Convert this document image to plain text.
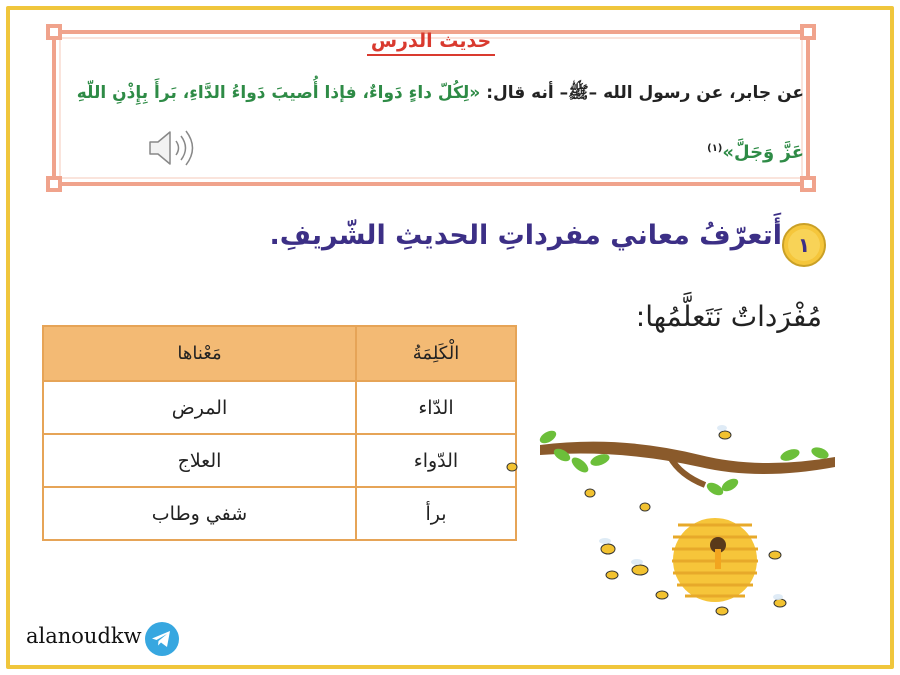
حديث الدرس
عن جابر، عن رسول الله –ﷺ– أنه قال: «لِكُلّ داءٍ دَواءٌ، فإذا أُصيبَ دَواءُ الدَّاءِ، بَرأَ بِإِذْنِ اللّهِ
عَزَّ وَجَلَّ»$^{(١)}$
١
أَتعرّفُ معاني مفرداتِ الحديثِ الشّريفِ.
مُفْرَداتٌ نَتَعلَّمُها:
الْكَلِمَةُ	مَعْناها
الدّاء	المرض
الدّواء	العلاج
برأ	شفي وطاب
alanoudkw
